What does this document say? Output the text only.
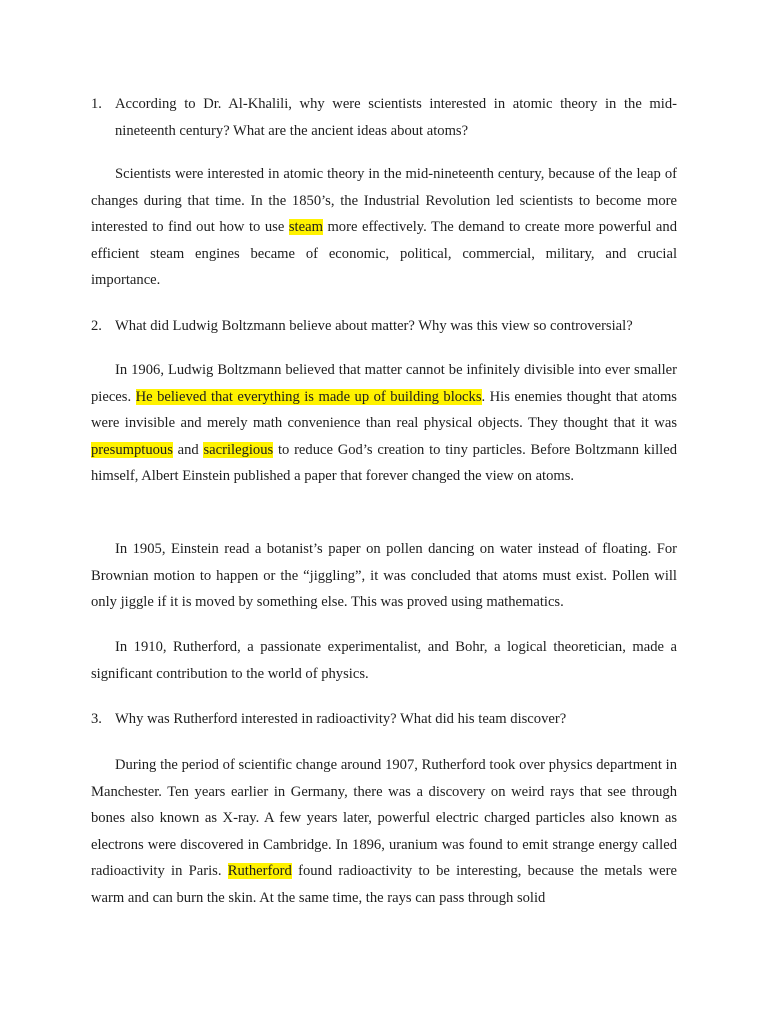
1. According to Dr. Al-Khalili, why were scientists interested in atomic theory in the mid-nineteenth century? What are the ancient ideas about atoms?
Scientists were interested in atomic theory in the mid-nineteenth century, because of the leap of changes during that time. In the 1850’s, the Industrial Revolution led scientists to become more interested to find out how to use steam more effectively. The demand to create more powerful and efficient steam engines became of economic, political, commercial, military, and crucial importance.
2. What did Ludwig Boltzmann believe about matter? Why was this view so controversial?
In 1906, Ludwig Boltzmann believed that matter cannot be infinitely divisible into ever smaller pieces. He believed that everything is made up of building blocks. His enemies thought that atoms were invisible and merely math convenience than real physical objects. They thought that it was presumptuous and sacrilegious to reduce God’s creation to tiny particles. Before Boltzmann killed himself, Albert Einstein published a paper that forever changed the view on atoms.
In 1905, Einstein read a botanist’s paper on pollen dancing on water instead of floating. For Brownian motion to happen or the “jiggling”, it was concluded that atoms must exist. Pollen will only jiggle if it is moved by something else. This was proved using mathematics.
In 1910, Rutherford, a passionate experimentalist, and Bohr, a logical theoretician, made a significant contribution to the world of physics.
3. Why was Rutherford interested in radioactivity? What did his team discover?
During the period of scientific change around 1907, Rutherford took over physics department in Manchester. Ten years earlier in Germany, there was a discovery on weird rays that see through bones also known as X-ray. A few years later, powerful electric charged particles also known as electrons were discovered in Cambridge. In 1896, uranium was found to emit strange energy called radioactivity in Paris. Rutherford found radioactivity to be interesting, because the metals were warm and can burn the skin. At the same time, the rays can pass through solid
